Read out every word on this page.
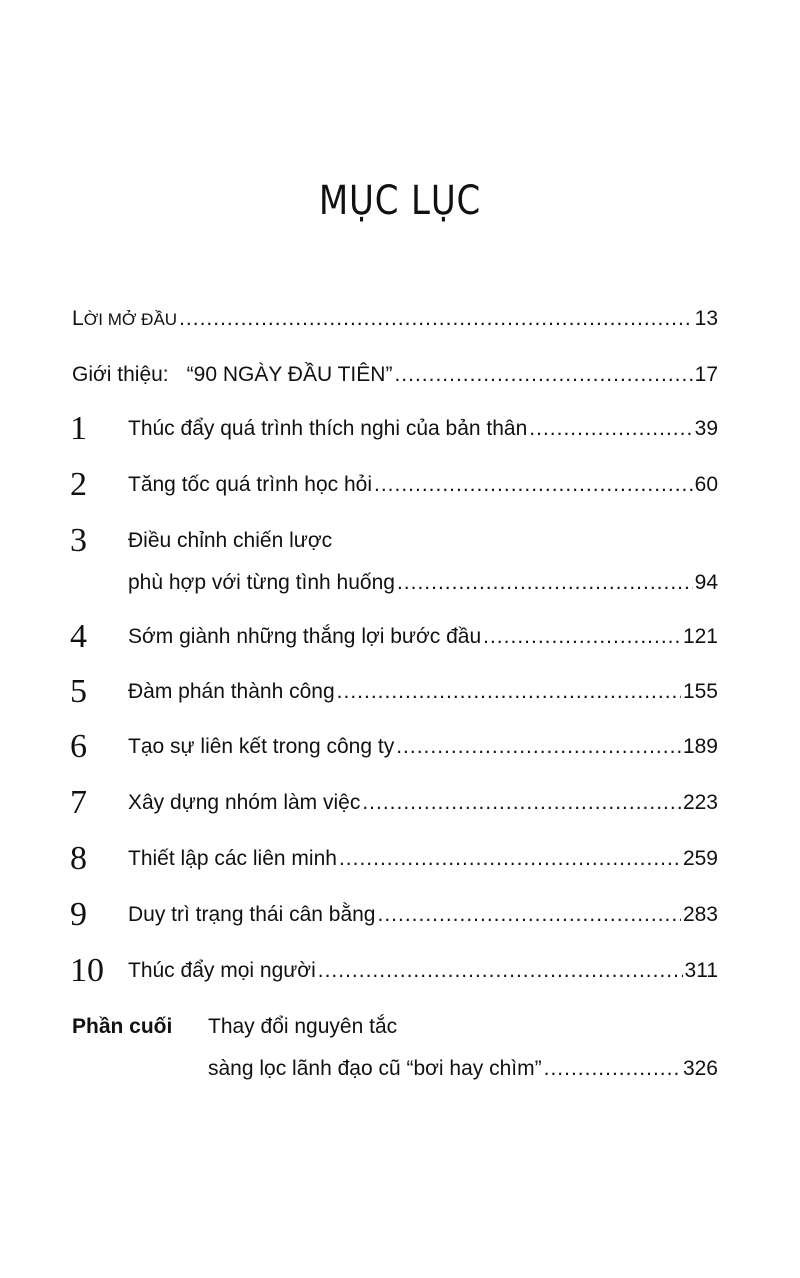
MỤC LỤC
LỜI MỞ ĐẦU .....	13
Giới thiệu: “90 NGÀY ĐẦU TIÊN” .....	17
1 Thúc đẩy quá trình thích nghi của bản thân .....	39
2 Tăng tốc quá trình học hỏi .....	60
3 Điều chỉnh chiến lược
phù hợp với từng tình huống .....	94
4 Sớm giành những thắng lợi bước đầu .....	121
5 Đàm phán thành công .....	155
6 Tạo sự liên kết trong công ty .....	189
7 Xây dựng nhóm làm việc .....	223
8 Thiết lập các liên minh .....	259
9 Duy trì trạng thái cân bằng .....	283
10 Thúc đẩy mọi người .....	311
Phần cuối Thay đổi nguyên tắc
sàng lọc lãnh đạo cũ “bơi hay chìm” .....	326
